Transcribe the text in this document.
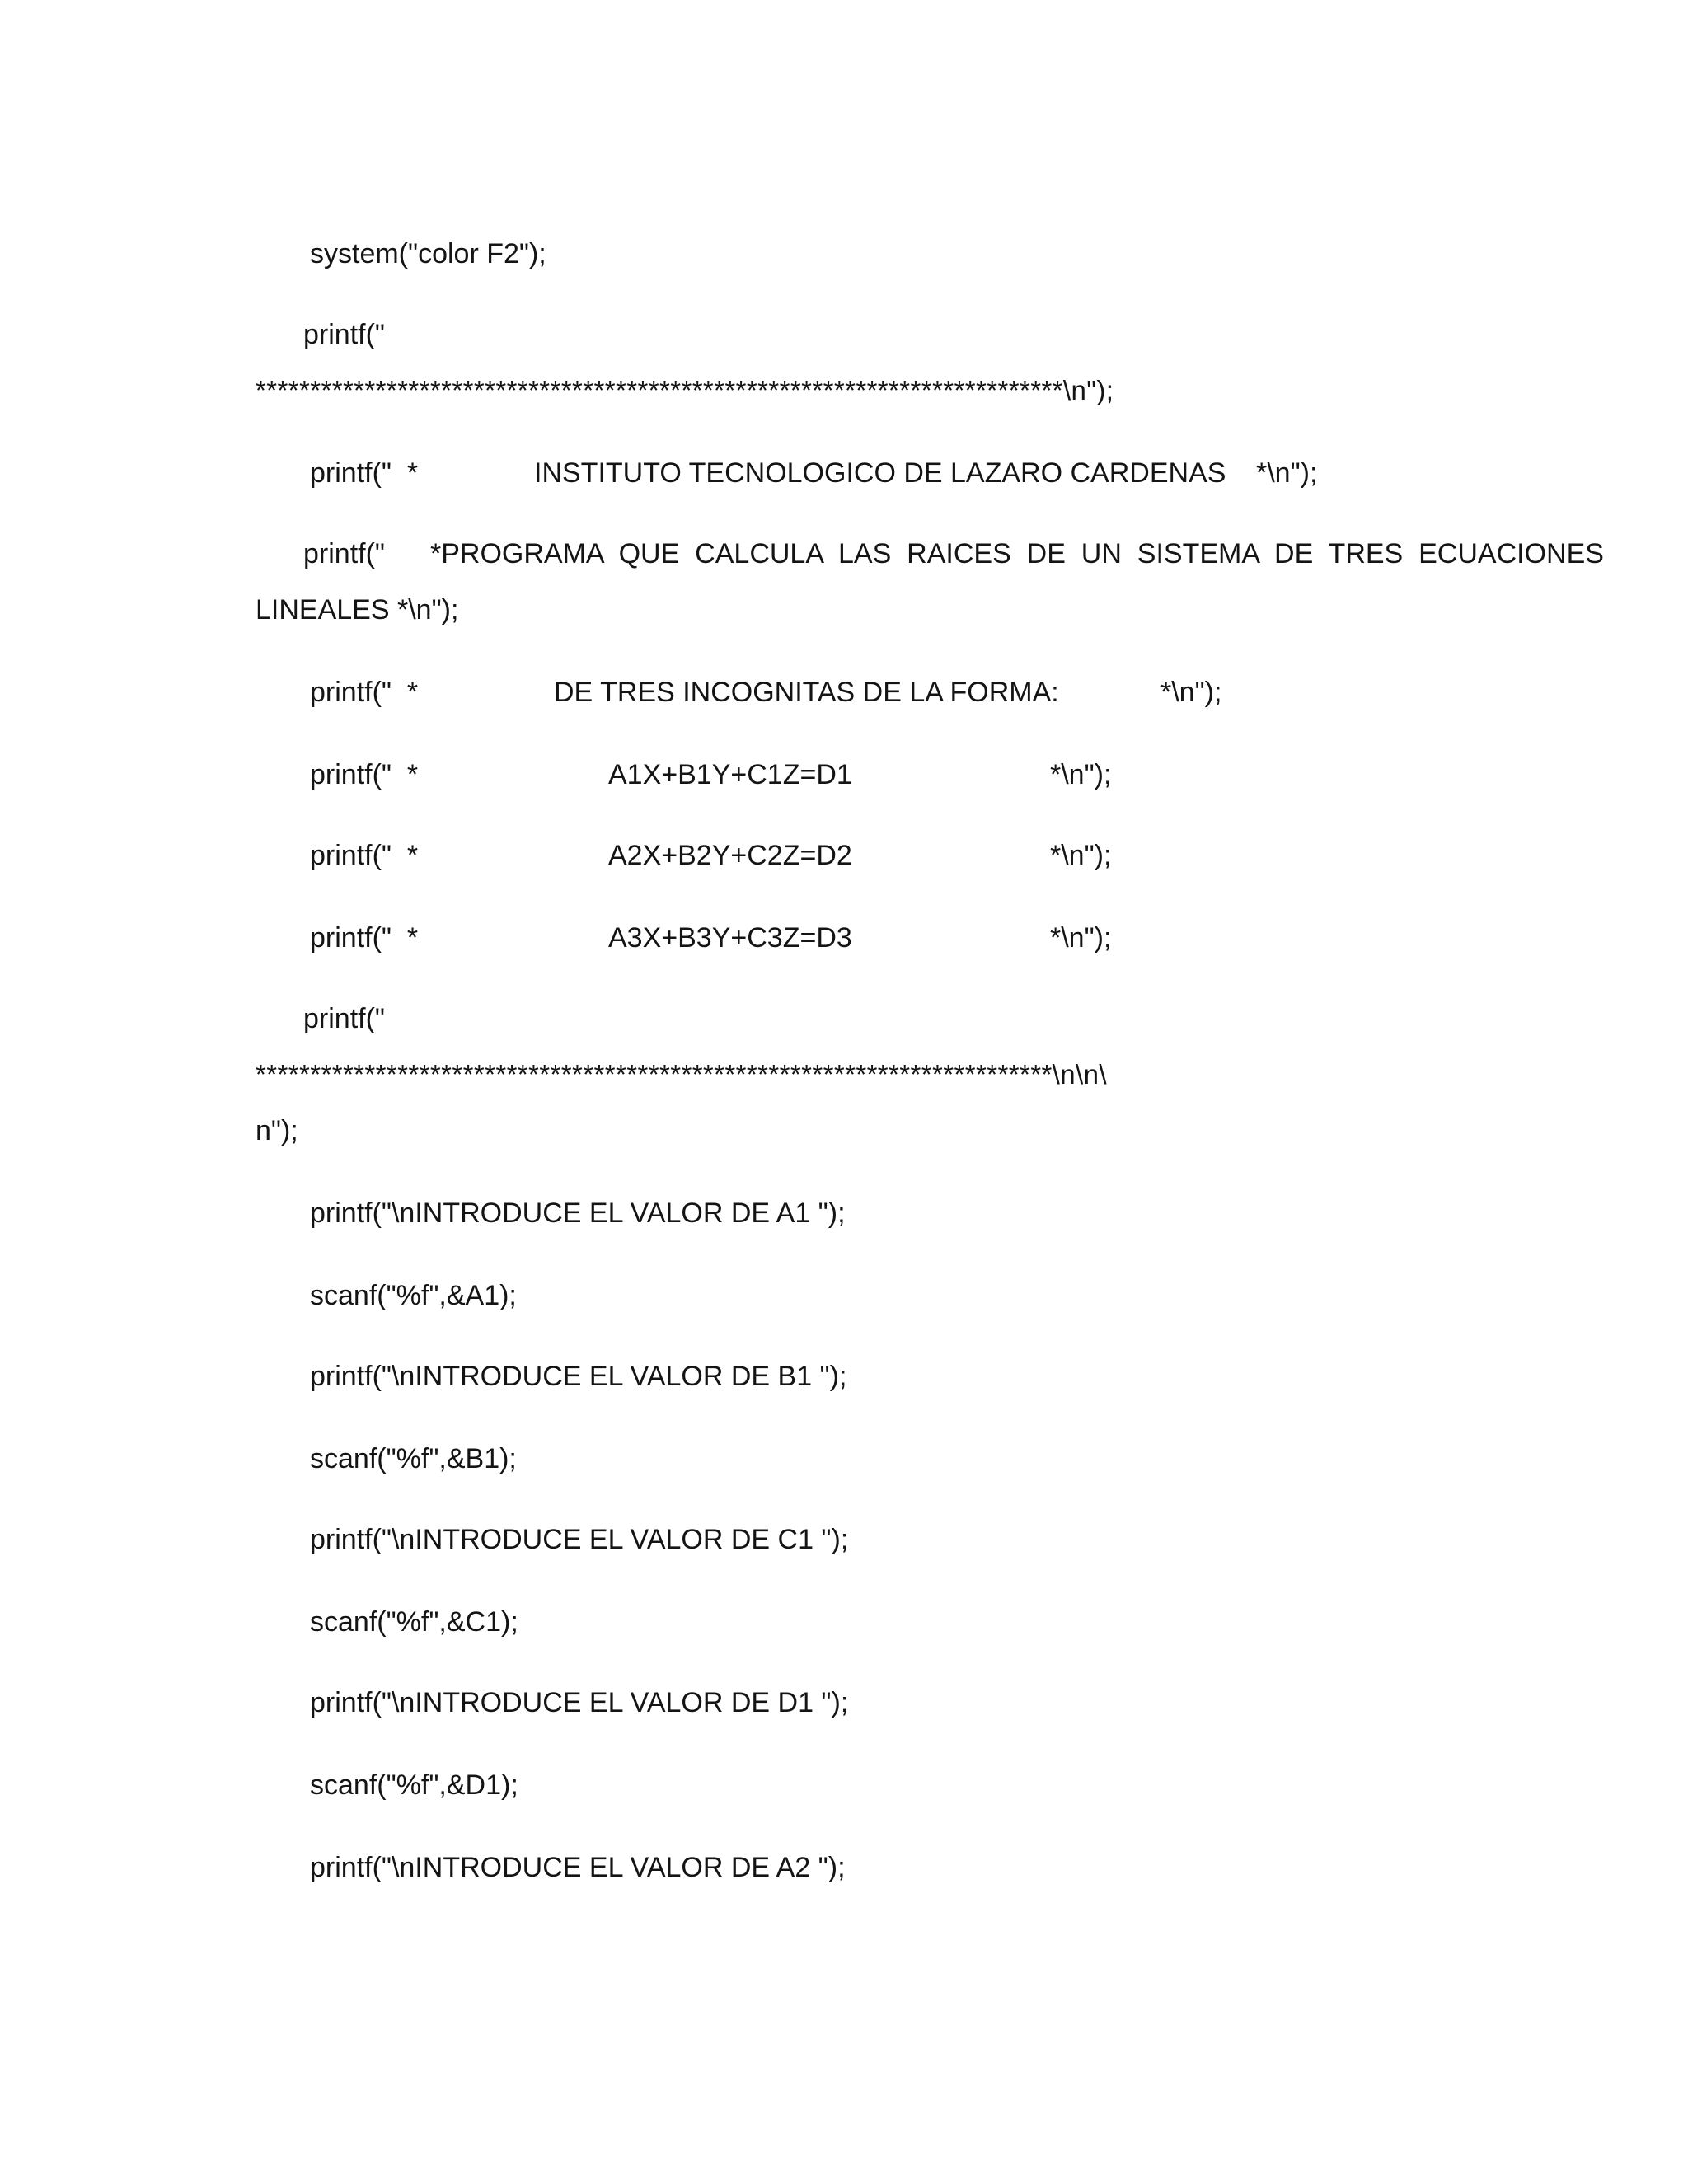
system("color F2");
printf("
**************************************************************************\n");

printf("  *

	INSTITUTO TECNOLOGICO DE LAZARO CARDENAS

*\n");

printf("

*PROGRAMA  QUE  CALCULA  LAS  RAICES  DE  UN  SISTEMA  DE  TRES  ECUACIONES

LINEALES *\n");

printf("  *

	DE TRES INCOGNITAS DE LA FORMA:

	*\n");

printf("  *

	A1X+B1Y+C1Z=D1

	*\n");

printf("  *

	A2X+B2Y+C2Z=D2

	*\n");

printf("  *

	A3X+B3Y+C3Z=D3

	*\n");

printf("
*************************************************************************\n\n\
n");
printf("\nINTRODUCE EL VALOR DE A1 ");
scanf("%f",&A1);
printf("\nINTRODUCE EL VALOR DE B1 ");
scanf("%f",&B1);
printf("\nINTRODUCE EL VALOR DE C1 ");
scanf("%f",&C1);
printf("\nINTRODUCE EL VALOR DE D1 ");
scanf("%f",&D1);
printf("\nINTRODUCE EL VALOR DE A2 ");
